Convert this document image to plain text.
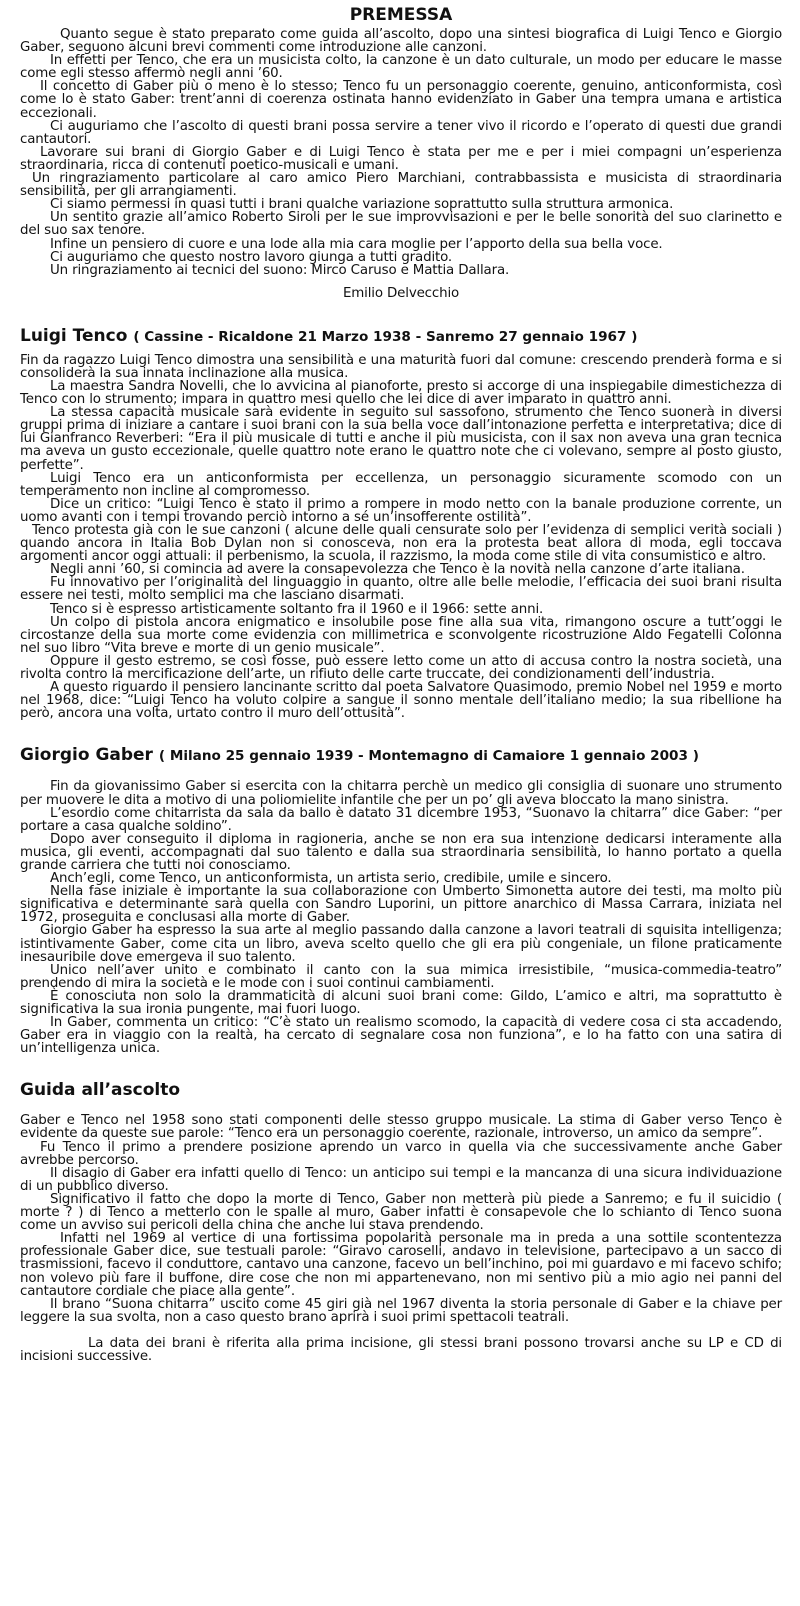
PREMESSA

Quanto segue è stato preparato come guida all’ascolto, dopo una sintesi biografica di Luigi Tenco e Giorgio Gaber, seguono alcuni brevi commenti come introduzione alle canzoni.

In effetti per Tenco, che era un musicista colto, la canzone è un dato culturale, un modo per educare le masse come egli stesso affermò negli anni ’60.

Il concetto di Gaber più o meno è lo stesso; Tenco fu un personaggio coerente, genuino, anticonformista, così come lo è stato Gaber: trent’anni di coerenza ostinata hanno evidenziato in Gaber una tempra umana e artistica eccezionali.

Ci auguriamo che l’ascolto di questi brani possa servire a tener vivo il ricordo e l’operato di questi due grandi cantautori.

Lavorare sui brani di Giorgio Gaber e di Luigi Tenco è stata per me e per i miei compagni un’esperienza straordinaria, ricca di contenuti poetico-musicali e umani.

Un ringraziamento particolare al caro amico Piero Marchiani, contrabbassista e musicista di straordinaria sensibilità, per gli arrangiamenti.

Ci siamo permessi in quasi tutti i brani qualche variazione soprattutto sulla struttura armonica.

Un sentito grazie all’amico Roberto Siroli per le sue improvvisazioni e per le belle sonorità del suo clarinetto e del suo sax tenore.

Infine un pensiero di cuore e una lode alla mia cara moglie per l’apporto della sua bella voce.

Ci auguriamo che questo nostro lavoro giunga a tutti gradito.

Un ringraziamento ai tecnici del suono: Mirco Caruso e Mattia Dallara.

Emilio Delvecchio

Luigi Tenco ( Cassine - Ricaldone 21 Marzo 1938 - Sanremo 27 gennaio 1967 )

Fin da ragazzo Luigi Tenco dimostra una sensibilità e una maturità fuori dal comune: crescendo prenderà forma e si consoliderà la sua innata inclinazione alla musica.

La maestra Sandra Novelli, che lo avvicina al pianoforte, presto si accorge di una inspiegabile dimestichezza di Tenco con lo strumento; impara in quattro mesi quello che lei dice di aver imparato in quattro anni.

La stessa capacità musicale sarà evidente in seguito sul sassofono, strumento che Tenco suonerà in diversi gruppi prima di iniziare a cantare i suoi brani con la sua bella voce dall’intonazione perfetta e interpretativa; dice di lui Gianfranco Reverberi: “Era il più musicale di tutti e anche il più musicista, con il sax non aveva una gran tecnica ma aveva un gusto eccezionale, quelle quattro note erano le quattro note che ci volevano, sempre al posto giusto, perfette”.

Luigi Tenco era un anticonformista per eccellenza, un personaggio sicuramente scomodo con un temperamento non incline al compromesso.

Dice un critico: “Luigi Tenco è stato il primo a rompere in modo netto con la banale produzione corrente, un uomo avanti con i tempi trovando perciò intorno a sé un’insofferente ostilità”.

Tenco protesta già con le sue canzoni ( alcune delle quali censurate solo per l’evidenza di semplici verità sociali ) quando ancora in Italia Bob Dylan non si conosceva, non era la protesta beat allora di moda, egli toccava argomenti ancor oggi attuali: il perbenismo, la scuola, il razzismo, la moda come stile di vita consumistico e altro.

Negli anni ’60, si comincia ad avere la consapevolezza che Tenco è la novità nella canzone d’arte italiana.

Fu innovativo per l’originalità del linguaggio in quanto, oltre alle belle melodie, l’efficacia dei suoi brani risulta essere nei testi, molto semplici ma che lasciano disarmati.

Tenco si è espresso artisticamente soltanto fra il 1960 e il 1966: sette anni.

Un colpo di pistola ancora enigmatico e insolubile pose fine alla sua vita, rimangono oscure a tutt’oggi le circostanze della sua morte come evidenzia con millimetrica e sconvolgente ricostruzione Aldo Fegatelli Colonna nel suo libro “Vita breve e morte di un genio musicale”.

Oppure il gesto estremo, se così fosse, può essere letto come un atto di accusa contro la nostra società, una rivolta contro la mercificazione dell’arte, un rifiuto delle carte truccate, dei condizionamenti dell’industria.

A questo riguardo il pensiero lancinante scritto dal poeta Salvatore Quasimodo, premio Nobel nel 1959 e morto nel 1968, dice: “Luigi Tenco ha voluto colpire a sangue il sonno mentale dell’italiano medio; la sua ribellione ha però, ancora una volta, urtato contro il muro dell’ottusità”.

Giorgio Gaber ( Milano 25 gennaio 1939 - Montemagno di Camaiore 1 gennaio 2003 )

Fin da giovanissimo Gaber si esercita con la chitarra perchè un medico gli consiglia di suonare uno strumento per muovere le dita a motivo di una poliomielite infantile che per un po’ gli aveva bloccato la mano sinistra.

L’esordio come chitarrista da sala da ballo è datato 31 dicembre 1953, “Suonavo la chitarra” dice Gaber: “per portare a casa qualche soldino”.

Dopo aver conseguito il diploma in ragioneria, anche se non era sua intenzione dedicarsi interamente alla musica, gli eventi, accompagnati dal suo talento e dalla sua straordinaria sensibilità, lo hanno portato a quella grande carriera che tutti noi conosciamo.

Anch’egli, come Tenco, un anticonformista, un artista serio, credibile, umile e sincero.

Nella fase iniziale è importante la sua collaborazione con Umberto Simonetta autore dei testi, ma molto più significativa e determinante sarà quella con Sandro Luporini, un pittore anarchico di Massa Carrara, iniziata nel 1972, proseguita e conclusasi alla morte di Gaber.

Giorgio Gaber ha espresso la sua arte al meglio passando dalla canzone a lavori teatrali di squisita intelligenza; istintivamente Gaber, come cita un libro, aveva scelto quello che gli era più congeniale, un filone praticamente inesauribile dove emergeva il suo talento.

Unico nell’aver unito e combinato il canto con la sua mimica irresistibile, “musica-commedia-teatro” prendendo di mira la società e le mode con i suoi continui cambiamenti.

È conosciuta non solo la drammaticità di alcuni suoi brani come: Gildo, L’amico e altri, ma soprattutto è significativa la sua ironia pungente, mai fuori luogo.

In Gaber, commenta un critico: “C’è stato un realismo scomodo, la capacità di vedere cosa ci sta accadendo, Gaber era in viaggio con la realtà, ha cercato di segnalare cosa non funziona”, e lo ha fatto con una satira di un’intelligenza unica.

Guida all’ascolto

Gaber e Tenco nel 1958 sono stati componenti delle stesso gruppo musicale. La stima di Gaber verso Tenco è evidente da queste sue parole: “Tenco era un personaggio coerente, razionale, introverso, un amico da sempre”.

Fu Tenco il primo a prendere posizione aprendo un varco in quella via che successivamente anche Gaber avrebbe percorso.

Il disagio di Gaber era infatti quello di Tenco: un anticipo sui tempi e la mancanza di una sicura individuazione di un pubblico diverso.

Significativo il fatto che dopo la morte di Tenco, Gaber non metterà più piede a Sanremo; e fu il suicidio ( morte ? ) di Tenco a metterlo con le spalle al muro, Gaber infatti è consapevole che lo schianto di Tenco suona come un avviso sui pericoli della china che anche lui stava prendendo.

Infatti nel 1969 al vertice di una fortissima popolarità personale ma in preda a una sottile scontentezza professionale Gaber dice, sue testuali parole: “Giravo caroselli, andavo in televisione, partecipavo a un sacco di trasmissioni, facevo il conduttore, cantavo una canzone, facevo un bell’inchino, poi mi guardavo e mi facevo schifo; non volevo più fare il buffone, dire cose che non mi appartenevano, non mi sentivo più a mio agio nei panni del cantautore cordiale che piace alla gente”.

Il brano “Suona chitarra” uscito come 45 giri già nel 1967 diventa la storia personale di Gaber e la chiave per leggere la sua svolta, non a caso questo brano aprirà i suoi primi spettacoli teatrali.

La data dei brani è riferita alla prima incisione, gli stessi brani possono trovarsi anche su LP e CD di incisioni successive.
